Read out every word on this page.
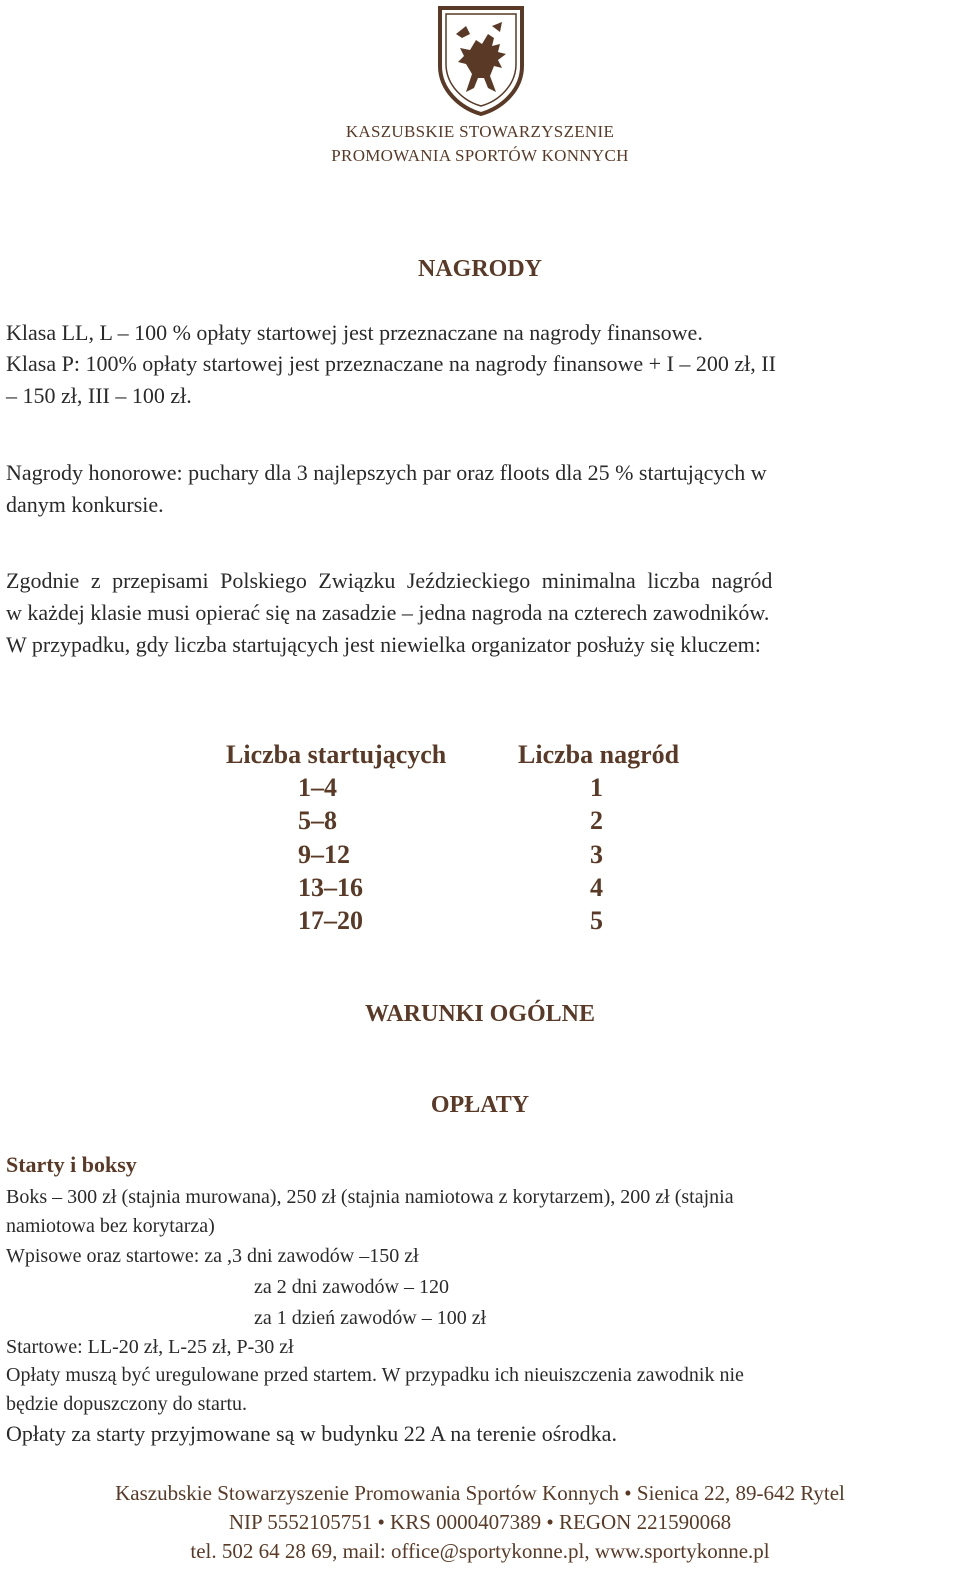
KASZUBSKIE STOWARZYSZENIE
PROMOWANIA SPORTÓW KONNYCH
NAGRODY
Klasa LL, L – 100 % opłaty startowej jest przeznaczane na nagrody finansowe.
Klasa P: 100% opłaty startowej jest przeznaczane na nagrody finansowe + I – 200 zł, II
– 150 zł, III – 100 zł.
Nagrody honorowe: puchary dla 3 najlepszych par oraz floots dla 25 % startujących w
danym konkursie.
Zgodnie z przepisami Polskiego Związku Jeździeckiego minimalna liczba nagród
w każdej klasie musi opierać się na zasadzie – jedna nagroda na czterech zawodników.
W przypadku, gdy liczba startujących jest niewielka organizator posłuży się kluczem:
Liczba startujących	Liczba nagród
1–4	1
5–8	2
9–12	3
13–16	4
17–20	5
WARUNKI OGÓLNE
OPŁATY
Starty i boksy
Boks – 300 zł (stajnia murowana), 250 zł (stajnia namiotowa z korytarzem), 200 zł (stajnia
namiotowa bez korytarza)
Wpisowe oraz startowe: za ,3 dni zawodów –150 zł
za 2 dni zawodów – 120
za 1 dzień zawodów – 100 zł
Startowe: LL-20 zł, L-25 zł, P-30 zł
Opłaty muszą być uregulowane przed startem. W przypadku ich nieuiszczenia zawodnik nie
będzie dopuszczony do startu.
Opłaty za starty przyjmowane są w budynku 22 A na terenie ośrodka.
Kaszubskie Stowarzyszenie Promowania Sportów Konnych • Sienica 22, 89-642 Rytel
NIP 5552105751 • KRS 0000407389 • REGON 221590068
tel. 502 64 28 69, mail: office@sportykonne.pl, www.sportykonne.pl
